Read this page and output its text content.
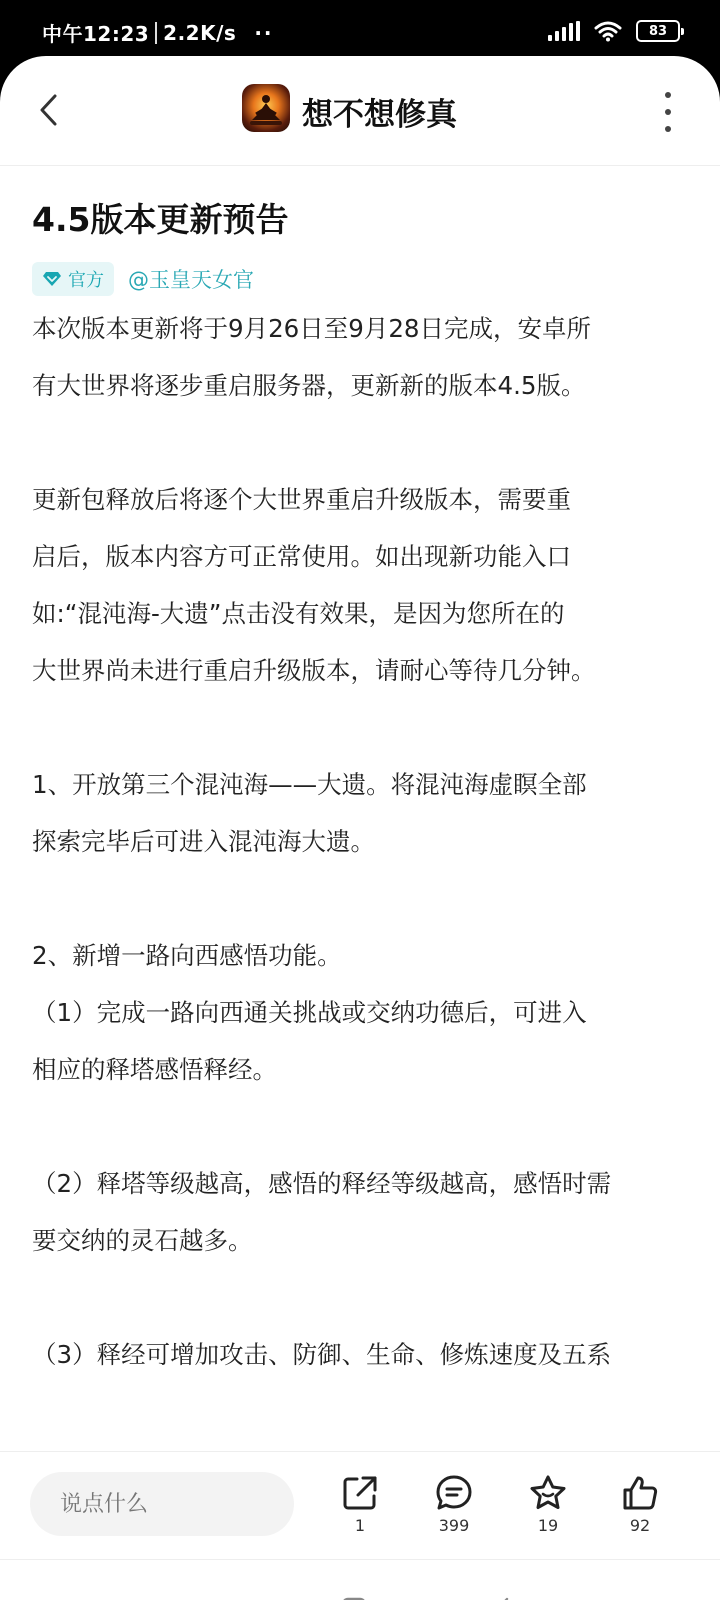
中午12:23 2.2K/s ··	83
想不想修真
4.5版本更新预告
官方 @玉皇天女官

本次版本更新将于9月26日至9月28日完成，安卓所

有大世界将逐步重启服务器，更新新的版本4.5版。

更新包释放后将逐个大世界重启升级版本，需要重

启后，版本内容方可正常使用。如出现新功能入口

如:“混沌海-大遗”点击没有效果，是因为您所在的

大世界尚未进行重启升级版本，请耐心等待几分钟。

1、开放第三个混沌海——大遗。将混沌海虚瞑全部

探索完毕后可进入混沌海大遗。

2、新增一路向西感悟功能。

（1）完成一路向西通关挑战或交纳功德后，可进入

相应的释塔感悟释经。

（2）释塔等级越高，感悟的释经等级越高，感悟时需

要交纳的灵石越多。

（3）释经可增加攻击、防御、生命、修炼速度及五系

说点什么
1	399	19	92
